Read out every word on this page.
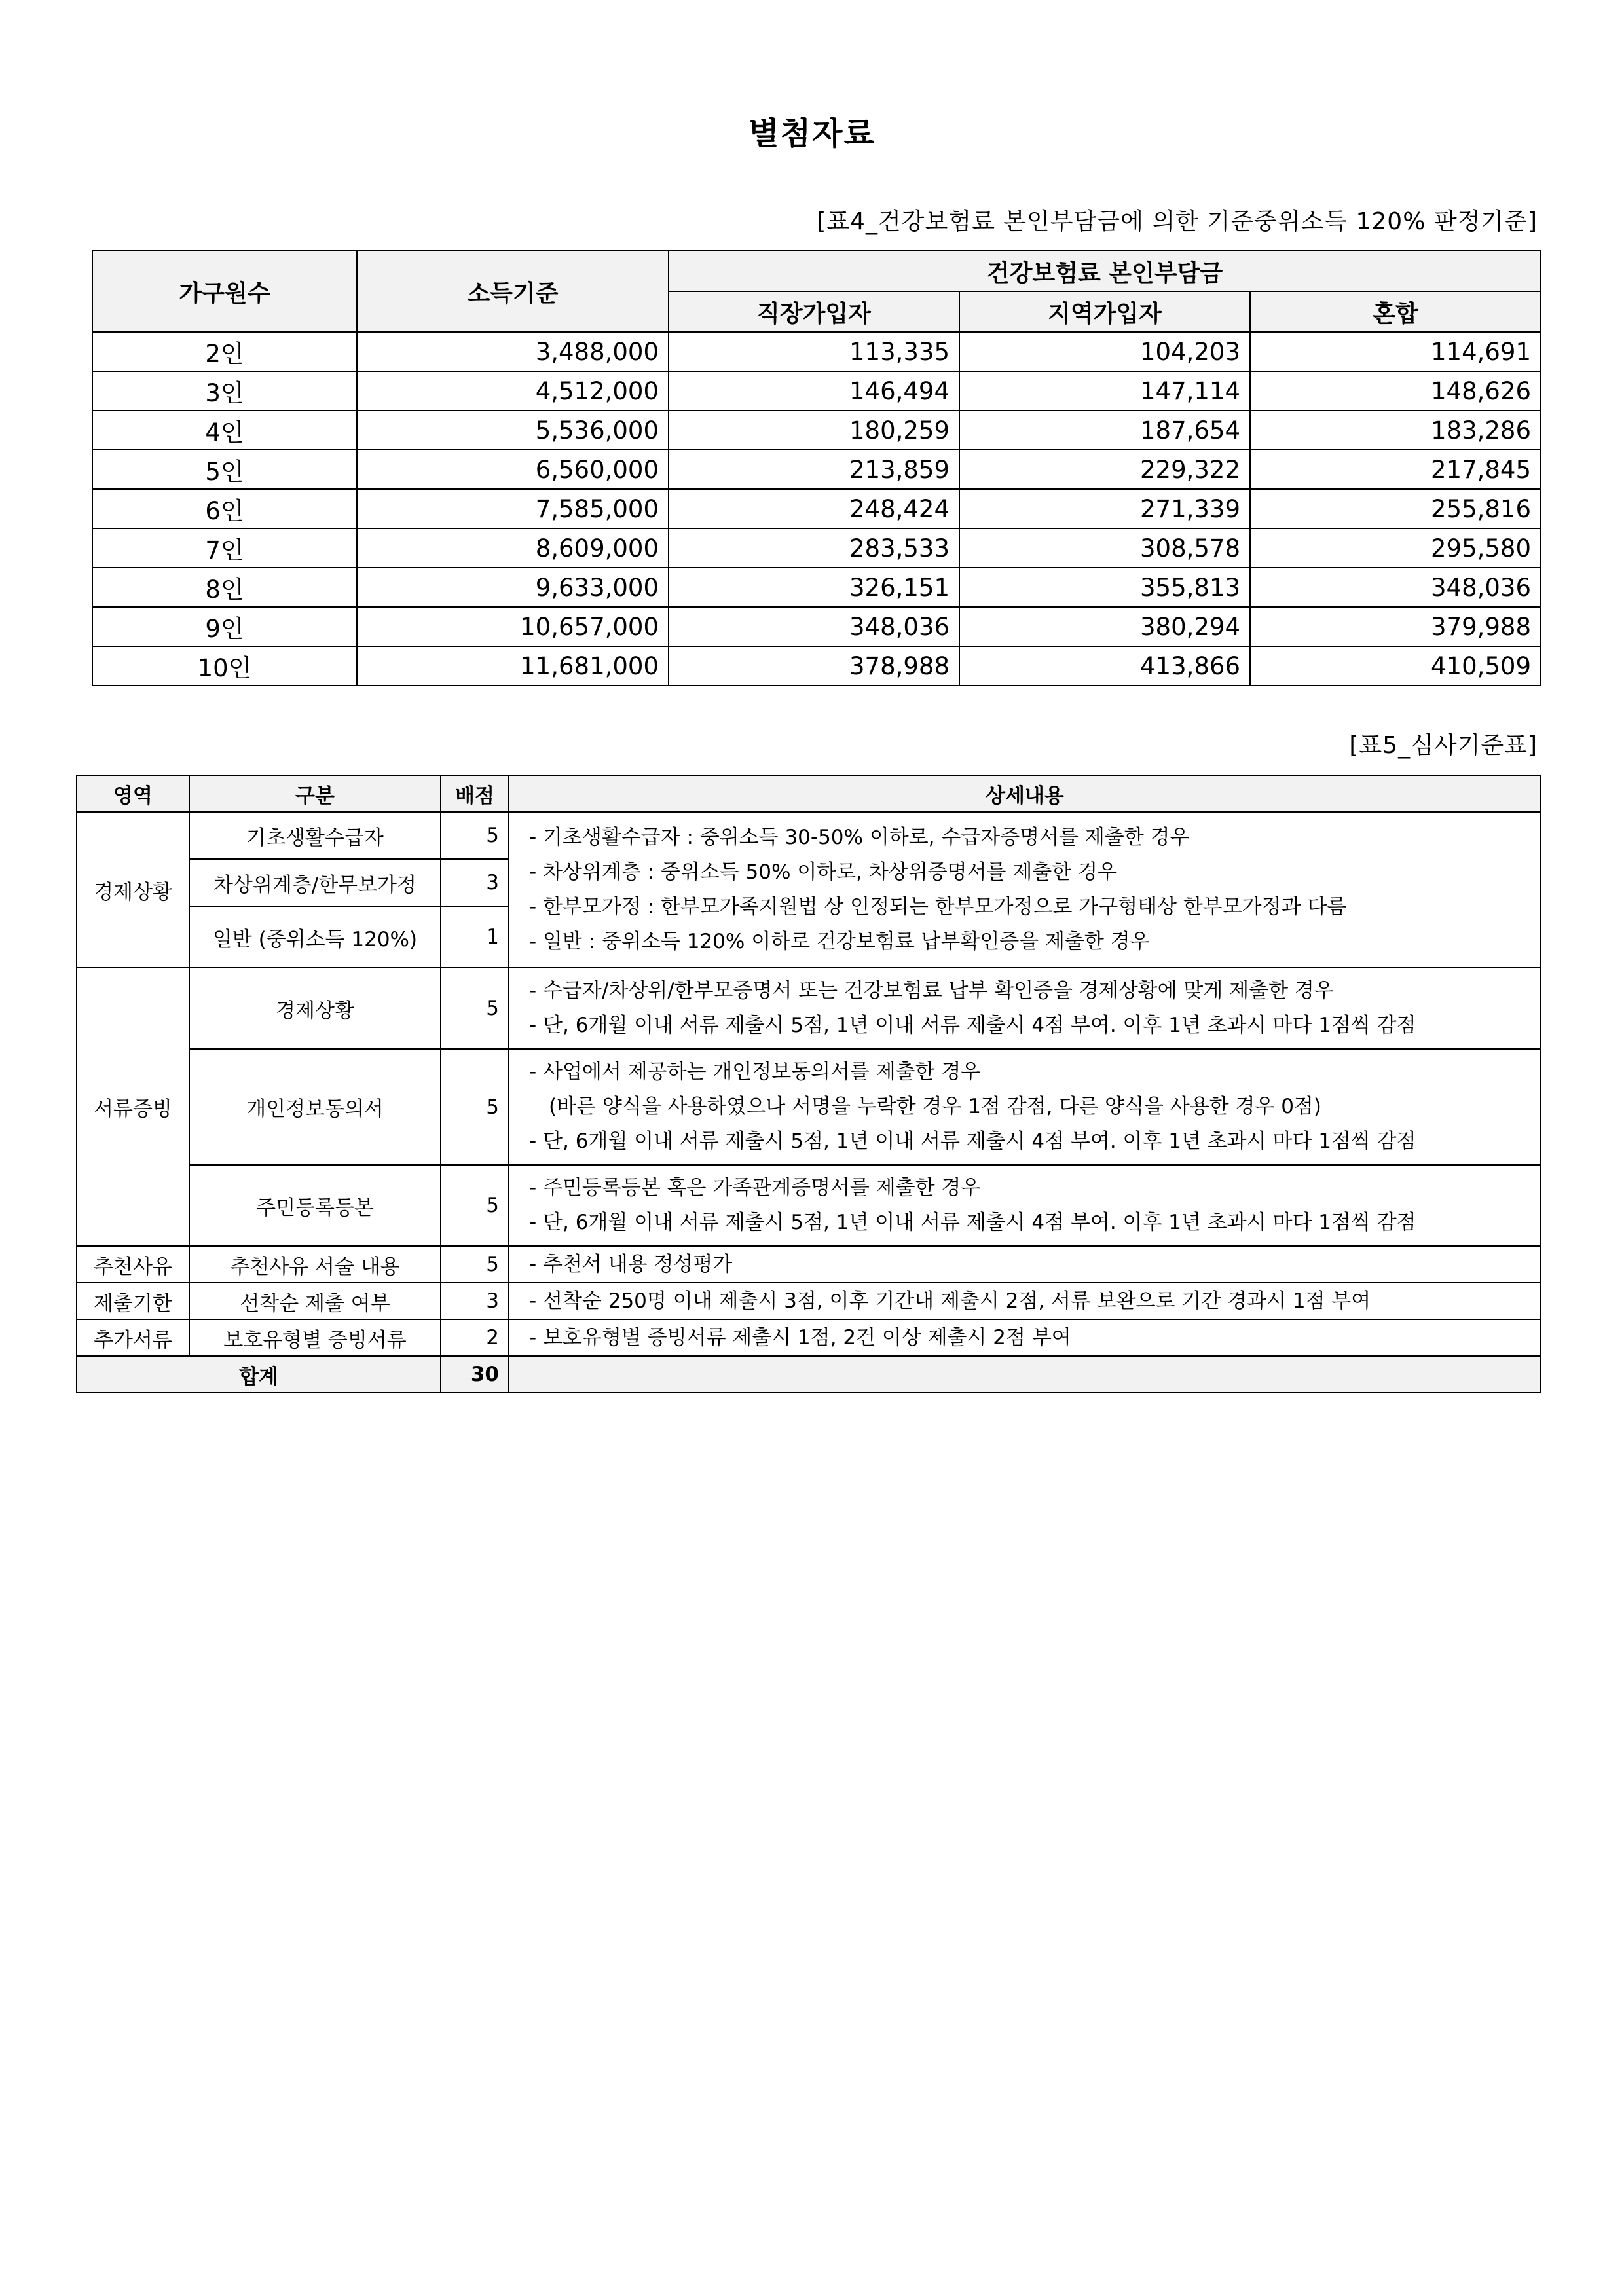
별첨자료
[표4_건강보험료 본인부담금에 의한 기준중위소득 120% 판정기준]
가구원수	소득기준	건강보험료 본인부담금		
		직장가입자	지역가입자	혼합
2인	3,488,000	113,335	104,203	114,691
3인	4,512,000	146,494	147,114	148,626
4인	5,536,000	180,259	187,654	183,286
5인	6,560,000	213,859	229,322	217,845
6인	7,585,000	248,424	271,339	255,816
7인	8,609,000	283,533	308,578	295,580
8인	9,633,000	326,151	355,813	348,036
9인	10,657,000	348,036	380,294	379,988
10인	11,681,000	378,988	413,866	410,509
[표5_심사기준표]
영역	구분	배점	상세내용
경제상황	기초생활수급자	5	- 기초생활수급자 : 중위소득 30-50% 이하로, 수급자증명서를 제출한 경우
- 차상위계층 : 중위소득 50% 이하로, 차상위증명서를 제출한 경우
- 한부모가정 : 한부모가족지원법 상 인정되는 한부모가정으로 가구형태상 한부모가정과 다름
- 일반 : 중위소득 120% 이하로 건강보험료 납부확인증을 제출한 경우

	차상위계층/한무보가정	3	
	일반 (중위소득 120%)	1	
서류증빙	경제상황	5	- 수급자/차상위/한부모증명서 또는 건강보험료 납부 확인증을 경제상황에 맞게 제출한 경우
- 단, 6개월 이내 서류 제출시 5점, 1년 이내 서류 제출시 4점 부여. 이후 1년 초과시 마다 1점씩 감점

	개인정보동의서	5	- 사업에서 제공하는 개인정보동의서를 제출한 경우
(바른 양식을 사용하였으나 서명을 누락한 경우 1점 감점, 다른 양식을 사용한 경우 0점)
- 단, 6개월 이내 서류 제출시 5점, 1년 이내 서류 제출시 4점 부여. 이후 1년 초과시 마다 1점씩 감점

	주민등록등본	5	- 주민등록등본 혹은 가족관계증명서를 제출한 경우
- 단, 6개월 이내 서류 제출시 5점, 1년 이내 서류 제출시 4점 부여. 이후 1년 초과시 마다 1점씩 감점

추천사유	추천사유 서술 내용	5	- 추천서 내용 정성평가
제출기한	선착순 제출 여부	3	- 선착순 250명 이내 제출시 3점, 이후 기간내 제출시 2점, 서류 보완으로 기간 경과시 1점 부여
추가서류	보호유형별 증빙서류	2	- 보호유형별 증빙서류 제출시 1점, 2건 이상 제출시 2점 부여
합계		30	
